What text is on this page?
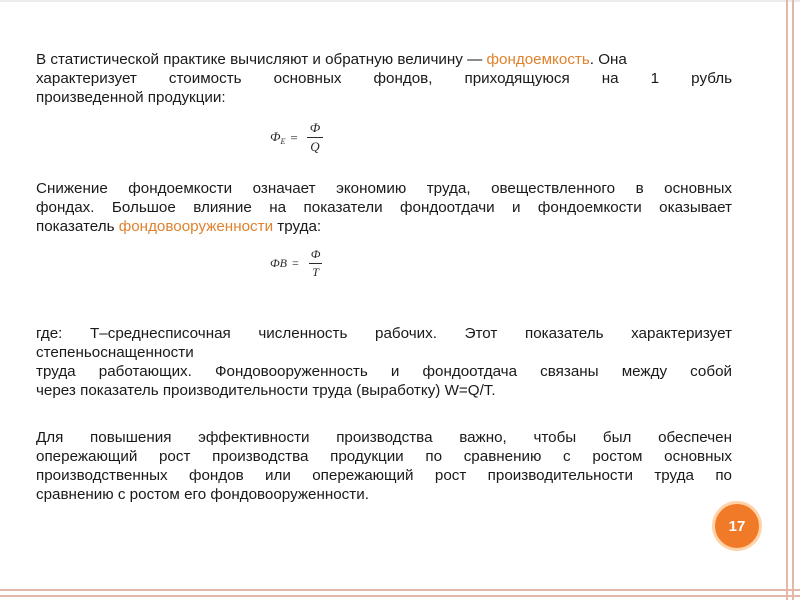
В статистической практике вычисляют и обратную величину — фондоемкость. Она
характеризует стоимость основных фондов, приходящуюся на 1 рубль
произведенной продукции:
$Ф_Е = \frac{Ф}{Q}$
Снижение фондоемкости означает экономию труда, овеществленного в основных
фондах. Большое влияние на показатели фондоотдачи и фондоемкости оказывает
показатель фондовооруженности труда:
ФВ = $\frac{Ф}{Т}$
где: Т–среднесписочная численность рабочих. Этот показатель характеризует
степеньоснащенности
труда работающих. Фондовооруженность и фондоотдача связаны между собой
через показатель производительности труда (выработку) W=Q/T.
Для повышения эффективности производства важно, чтобы был обеспечен
опережающий рост производства продукции по сравнению с ростом основных
производственных фондов или опережающий рост производительности труда по
сравнению с ростом его фондовооруженности.
17
